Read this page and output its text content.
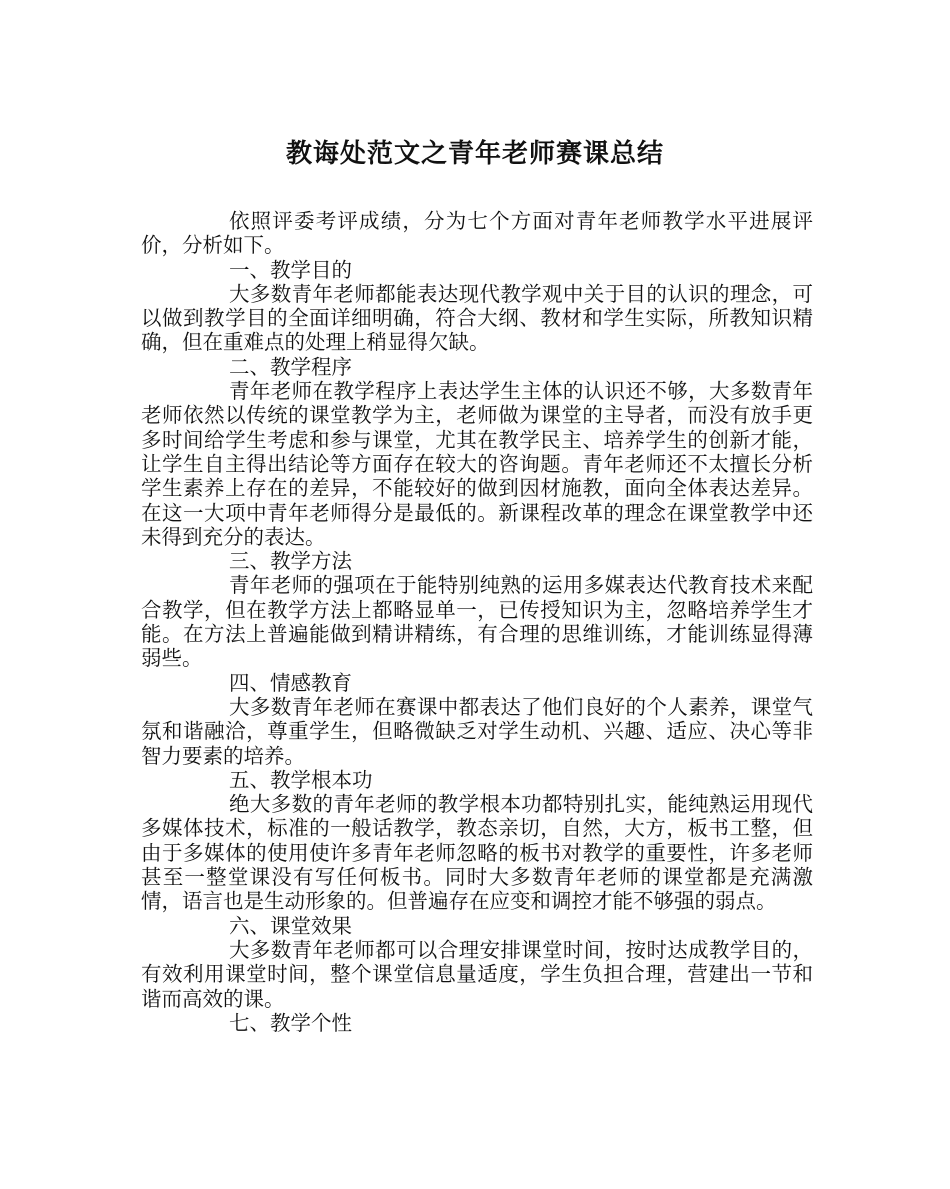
教诲处范文之青年老师赛课总结

依照评委考评成绩，分为七个方面对青年老师教学水平进展评价，分析如下。

一、教学目的

大多数青年老师都能表达现代教学观中关于目的认识的理念，可以做到教学目的全面详细明确，符合大纲、教材和学生实际，所教知识精确，但在重难点的处理上稍显得欠缺。

二、教学程序

青年老师在教学程序上表达学生主体的认识还不够，大多数青年老师依然以传统的课堂教学为主，老师做为课堂的主导者，而没有放手更多时间给学生考虑和参与课堂，尤其在教学民主、培养学生的创新才能，让学生自主得出结论等方面存在较大的咨询题。青年老师还不太擅长分析学生素养上存在的差异，不能较好的做到因材施教，面向全体表达差异。在这一大项中青年老师得分是最低的。新课程改革的理念在课堂教学中还未得到充分的表达。

三、教学方法

青年老师的强项在于能特别纯熟的运用多媒表达代教育技术来配合教学，但在教学方法上都略显单一，已传授知识为主，忽略培养学生才能。在方法上普遍能做到精讲精练，有合理的思维训练，才能训练显得薄弱些。

四、情感教育

大多数青年老师在赛课中都表达了他们良好的个人素养，课堂气氛和谐融洽，尊重学生，但略微缺乏对学生动机、兴趣、适应、决心等非智力要素的培养。

五、教学根本功

绝大多数的青年老师的教学根本功都特别扎实，能纯熟运用现代多媒体技术，标准的一般话教学，教态亲切，自然，大方，板书工整，但由于多媒体的使用使许多青年老师忽略的板书对教学的重要性，许多老师甚至一整堂课没有写任何板书。同时大多数青年老师的课堂都是充满激情，语言也是生动形象的。但普遍存在应变和调控才能不够强的弱点。

六、课堂效果

大多数青年老师都可以合理安排课堂时间，按时达成教学目的，有效利用课堂时间，整个课堂信息量适度，学生负担合理，营建出一节和谐而高效的课。

七、教学个性
